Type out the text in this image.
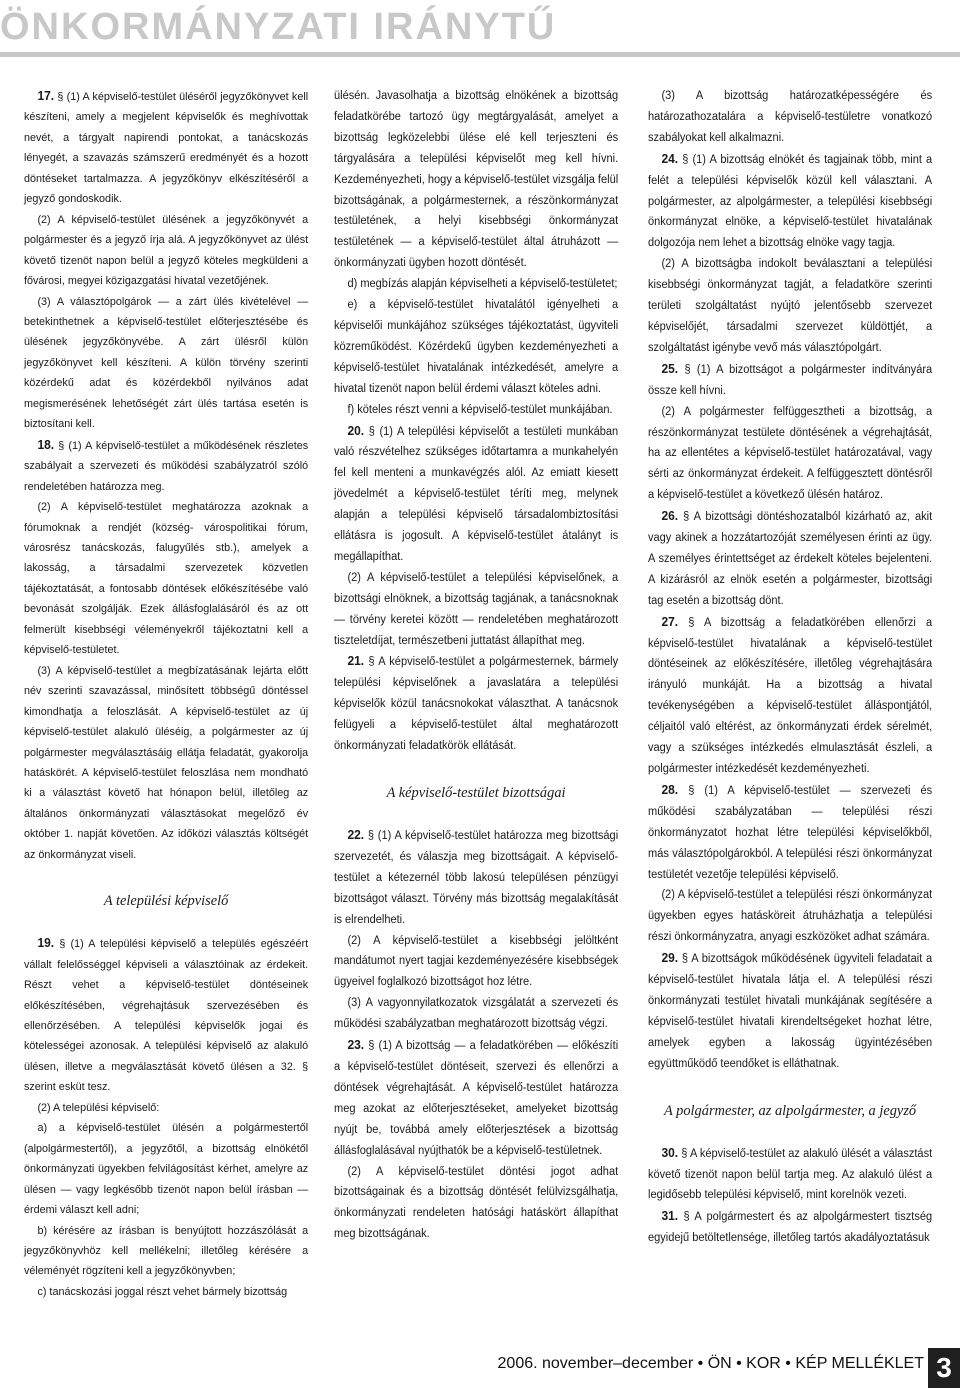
ÖNKORMÁNYZATI IRÁNYTŰ

17. § (1) A képviselő-testület üléséről jegyzőkönyvet kell készíteni, amely a megjelent képviselők és meghívottak nevét, a tárgyalt napirendi pontokat, a tanácskozás lényegét, a szavazás számszerű eredményét és a hozott döntéseket tartalmazza. A jegyzőkönyv elkészítéséről a jegyző gondoskodik.

(2) A képviselő-testület ülésének a jegyzőkönyvét a polgármester és a jegyző írja alá. A jegyzőkönyvet az ülést követő tizenöt napon belül a jegyző köteles megküldeni a fővárosi, megyei közigazgatási hivatal vezetőjének.

(3) A választópolgárok — a zárt ülés kivételével — betekinthetnek a képviselő-testület előterjesztésébe és ülésének jegyzőkönyvébe. A zárt ülésről külön jegyzőkönyvet kell készíteni. A külön törvény szerinti közérdekű adat és közérdekből nyilvános adat megismerésének lehetőségét zárt ülés tartása esetén is biztosítani kell.

18. § (1) A képviselő-testület a működésének részletes szabályait a szervezeti és működési szabályzatról szóló rendeletében határozza meg.

(2) A képviselő-testület meghatározza azoknak a fórumoknak a rendjét (község- várospolitikai fórum, városrész tanácskozás, falugyűlés stb.), amelyek a lakosság, a társadalmi szervezetek közvetlen tájékoztatását, a fontosabb döntések előkészítésébe való bevonását szolgálják. Ezek állásfoglalásáról és az ott felmerült kisebbségi véleményekről tájékoztatni kell a képviselő-testületet.

(3) A képviselő-testület a megbízatásának lejárta előtt név szerinti szavazással, minősített többségű döntéssel kimondhatja a feloszlását. A képviselő-testület az új képviselő-testület alakuló üléséig, a polgármester az új polgármester megválasztásáig ellátja feladatát, gyakorolja hatáskörét. A képviselő-testület feloszlása nem mondható ki a választást követő hat hónapon belül, illetőleg az általános önkormányzati választásokat megelőző év október 1. napját követően. Az időközi választás költségét az önkormányzat viseli.

A települési képviselő

19. § (1) A települési képviselő a település egészéért vállalt felelősséggel képviseli a választóinak az érdekeit. Részt vehet a képviselő-testület döntéseinek előkészítésében, végrehajtásuk szervezésében és ellenőrzésében. A települési képviselők jogai és kötelességei azonosak. A települési képviselő az alakuló ülésen, illetve a megválasztását követő ülésen a 32. § szerint esküt tesz.

(2) A települési képviselő:

a) a képviselő-testület ülésén a polgármestertől (alpolgármestertől), a jegyzőtől, a bizottság elnökétől önkormányzati ügyekben felvilágosítást kérhet, amelyre az ülésen — vagy legkésőbb tizenöt napon belül írásban — érdemi választ kell adni;

b) kérésére az írásban is benyújtott hozzászólását a jegyzőkönyvhöz kell mellékelni; illetőleg kérésére a véleményét rögzíteni kell a jegyzőkönyvben;

c) tanácskozási joggal részt vehet bármely bizottság

ülésén. Javasolhatja a bizottság elnökének a bizottság feladatkörébe tartozó ügy megtárgyalását, amelyet a bizottság legközelebbi ülése elé kell terjeszteni és tárgyalására a települési képviselőt meg kell hívni. Kezdeményezheti, hogy a képviselő-testület vizsgálja felül bizottságának, a polgármesternek, a részönkormányzat testületének, a helyi kisebbségi önkormányzat testületének — a képviselő-testület által átruházott — önkormányzati ügyben hozott döntését.

d) megbízás alapján képviselheti a képviselő-testületet;

e) a képviselő-testület hivatalától igényelheti a képviselői munkájához szükséges tájékoztatást, ügyviteli közreműködést. Közérdekű ügyben kezdeményezheti a képviselő-testület hivatalának intézkedését, amelyre a hivatal tizenöt napon belül érdemi választ köteles adni.

f) köteles részt venni a képviselő-testület munkájában.

20. § (1) A települési képviselőt a testületi munkában való részvételhez szükséges időtartamra a munkahelyén fel kell menteni a munkavégzés alól. Az emiatt kiesett jövedelmét a képviselő-testület téríti meg, melynek alapján a települési képviselő társadalombiztosítási ellátásra is jogosult. A képviselő-testület átalányt is megállapíthat.

(2) A képviselő-testület a települési képviselőnek, a bizottsági elnöknek, a bizottság tagjának, a tanácsnoknak — törvény keretei között — rendeletében meghatározott tiszteletdíjat, természetbeni juttatást állapíthat meg.

21. § A képviselő-testület a polgármesternek, bármely települési képviselőnek a javaslatára a települési képviselők közül tanácsnokokat választhat. A tanácsnok felügyeli a képviselő-testület által meghatározott önkormányzati feladatkörök ellátását.

A képviselő-testület bizottságai

22. § (1) A képviselő-testület határozza meg bizottsági szervezetét, és válaszja meg bizottságait. A képviselő-testület a kétezernél több lakosú településen pénzügyi bizottságot választ. Törvény más bizottság megalakítását is elrendelheti.

(2) A képviselő-testület a kisebbségi jelöltként mandátumot nyert tagjai kezdeményezésére kisebbségek ügyeivel foglalkozó bizottságot hoz létre.

(3) A vagyonnyilatkozatok vizsgálatát a szervezeti és működési szabályzatban meghatározott bizottság végzi.

23. § (1) A bizottság — a feladatkörében — előkészíti a képviselő-testület döntéseit, szervezi és ellenőrzi a döntések végrehajtását. A képviselő-testület határozza meg azokat az előterjesztéseket, amelyeket bizottság nyújt be, továbbá amely előterjesztések a bizottság állásfoglalásával nyújthatók be a képviselő-testületnek.

(2) A képviselő-testület döntési jogot adhat bizottságainak és a bizottság döntését felülvizsgálhatja, önkormányzati rendeleten hatósági hatáskört állapíthat meg bizottságának.

(3) A bizottság határozatképességére és határozathozatalára a képviselő-testületre vonatkozó szabályokat kell alkalmazni.

24. § (1) A bizottság elnökét és tagjainak több, mint a felét a települési képviselők közül kell választani. A polgármester, az alpolgármester, a települési kisebbségi önkormányzat elnöke, a képviselő-testület hivatalának dolgozója nem lehet a bizottság elnöke vagy tagja.

(2) A bizottságba indokolt beválasztani a települési kisebbségi önkormányzat tagját, a feladatköre szerinti területi szolgáltatást nyújtó jelentősebb szervezet képviselőjét, társadalmi szervezet küldöttjét, a szolgáltatást igénybe vevő más választópolgárt.

25. § (1) A bizottságot a polgármester indítványára össze kell hívni.

(2) A polgármester felfüggesztheti a bizottság, a részönkormányzat testülete döntésének a végrehajtását, ha az ellentétes a képviselő-testület határozatával, vagy sérti az önkormányzat érdekeit. A felfüggesztett döntésről a képviselő-testület a következő ülésén határoz.

26. § A bizottsági döntéshozatalból kizárható az, akit vagy akinek a hozzátartozóját személyesen érinti az ügy. A személyes érintettséget az érdekelt köteles bejelenteni. A kizárásról az elnök esetén a polgármester, bizottsági tag esetén a bizottság dönt.

27. § A bizottság a feladatkörében ellenőrzi a képviselő-testület hivatalának a képviselő-testület döntéseinek az előkészítésére, illetőleg végrehajtására irányuló munkáját. Ha a bizottság a hivatal tevékenységében a képviselő-testület álláspontjától, céljaitól való eltérést, az önkormányzati érdek sérelmét, vagy a szükséges intézkedés elmulasztását észleli, a polgármester intézkedését kezdeményezheti.

28. § (1) A képviselő-testület — szervezeti és működési szabályzatában — települési részi önkormányzatot hozhat létre települési képviselőkből, más választópolgárokból. A települési részi önkormányzat testületét vezetője települési képviselő.

(2) A képviselő-testület a települési részi önkormányzat ügyekben egyes hatásköreit átruházhatja a települési részi önkormányzatra, anyagi eszközöket adhat számára.

29. § A bizottságok működésének ügyviteli feladatait a képviselő-testület hivatala látja el. A települési részi önkormányzati testület hivatali munkájának segítésére a képviselő-testület hivatali kirendeltségeket hozhat létre, amelyek egyben a lakosság ügyintézésében együttműködő teendőket is elláthatnak.

A polgármester, az alpolgármester, a jegyző

30. § A képviselő-testület az alakuló ülését a választást követő tizenöt napon belül tartja meg. Az alakuló ülést a legidősebb települési képviselő, mint korelnök vezeti.

31. § A polgármestert és az alpolgármestert tisztség egyidejű betöltetlensége, illetőleg tartós akadályoztatásuk

2006. november–december • ÖN • KOR • KÉP MELLÉKLET 3
